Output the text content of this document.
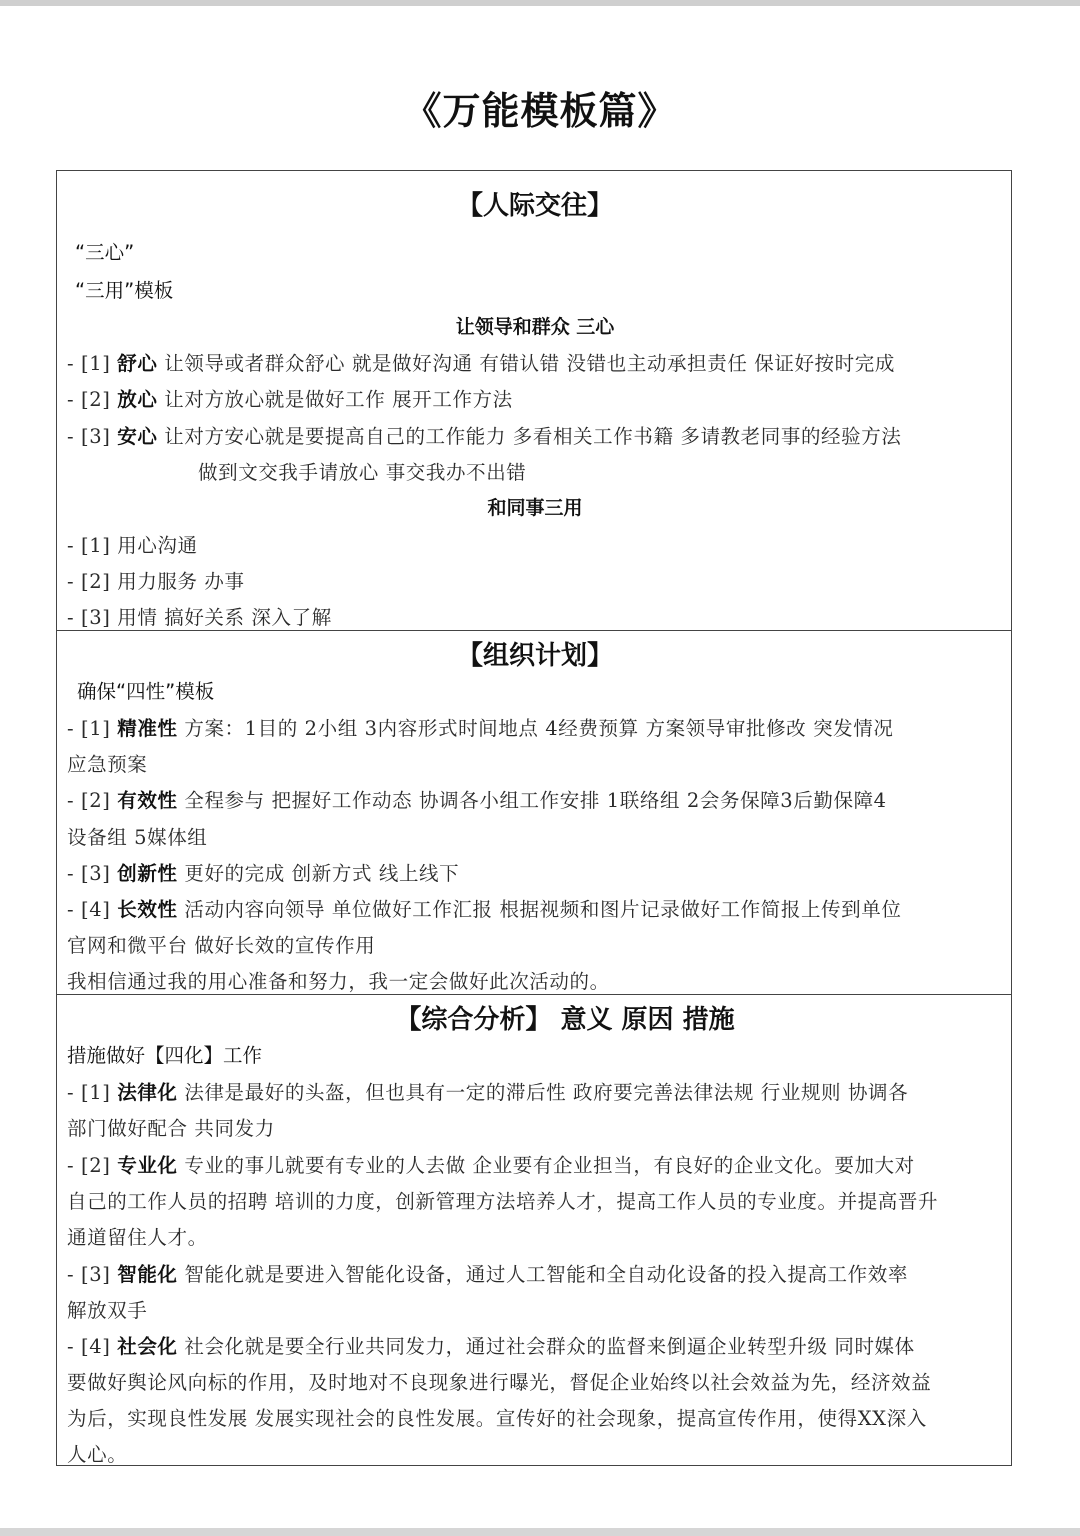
《万能模板篇》
【人际交往】
“三心”
“三用”模板
让领导和群众 三心
- [1] 舒心 让领导或者群众舒心 就是做好沟通 有错认错 没错也主动承担责任 保证好按时完成
- [2] 放心 让对方放心就是做好工作 展开工作方法
- [3] 安心 让对方安心就是要提高自己的工作能力 多看相关工作书籍 多请教老同事的经验方法
做到文交我手请放心 事交我办不出错
和同事三用
- [1] 用心沟通
- [2] 用力服务 办事
- [3] 用情 搞好关系 深入了解
【组织计划】
确保“四性”模板
- [1] 精准性 方案：1目的 2小组 3内容形式时间地点 4经费预算 方案领导审批修改 突发情况
应急预案
- [2] 有效性 全程参与 把握好工作动态 协调各小组工作安排 1联络组 2会务保障3后勤保障4
设备组 5媒体组
- [3] 创新性 更好的完成 创新方式 线上线下
- [4] 长效性 活动内容向领导 单位做好工作汇报 根据视频和图片记录做好工作简报上传到单位
官网和微平台 做好长效的宣传作用
我相信通过我的用心准备和努力，我一定会做好此次活动的。
【综合分析】 意义 原因 措施
措施做好【四化】工作
- [1] 法律化 法律是最好的头盔，但也具有一定的滞后性 政府要完善法律法规 行业规则 协调各
部门做好配合 共同发力
- [2] 专业化 专业的事儿就要有专业的人去做 企业要有企业担当，有良好的企业文化。要加大对
自己的工作人员的招聘 培训的力度，创新管理方法培养人才，提高工作人员的专业度。并提高晋升
通道留住人才。
- [3] 智能化 智能化就是要进入智能化设备，通过人工智能和全自动化设备的投入提高工作效率
解放双手
- [4] 社会化 社会化就是要全行业共同发力，通过社会群众的监督来倒逼企业转型升级 同时媒体
要做好舆论风向标的作用，及时地对不良现象进行曝光，督促企业始终以社会效益为先，经济效益
为后，实现良性发展 发展实现社会的良性发展。宣传好的社会现象，提高宣传作用，使得XX深入
人心。
